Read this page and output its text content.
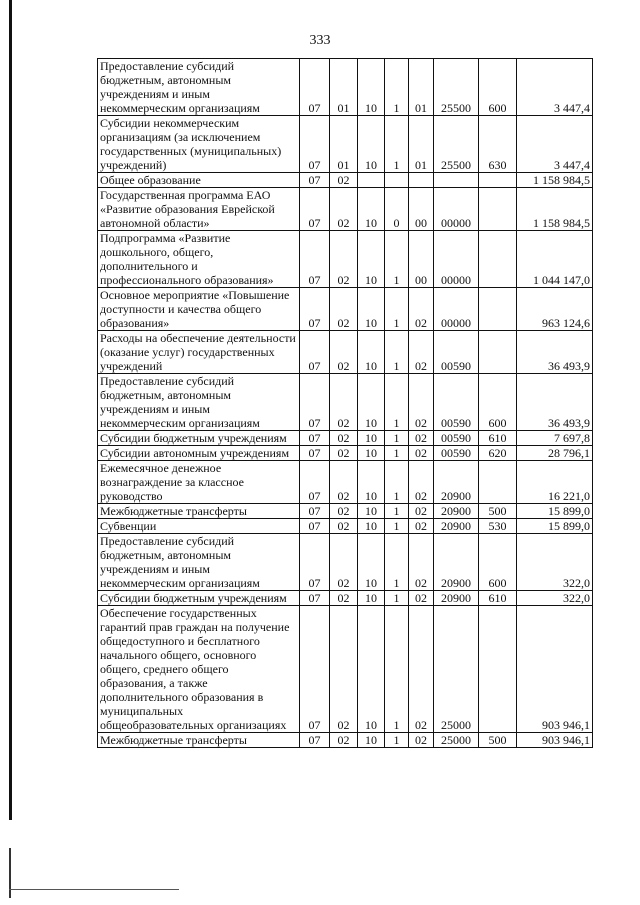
333
Предоставление субсидий бюджетным, автономным учреждениям и иным некоммерческим организациям	07	01	10	1	01	25500	600	3 447,4
Субсидии некоммерческим организациям (за исключением государственных (муниципальных) учреждений)	07	01	10	1	01	25500	630	3 447,4
Общее образование	07	02						1 158 984,5
Государственная программа ЕАО «Развитие образования Еврейской автономной области»	07	02	10	0	00	00000		1 158 984,5
Подпрограмма «Развитие дошкольного, общего, дополнительного и профессионального образования»	07	02	10	1	00	00000		1 044 147,0
Основное мероприятие «Повышение доступности и качества общего образования»	07	02	10	1	02	00000		963 124,6
Расходы на обеспечение деятельности (оказание услуг) государственных учреждений	07	02	10	1	02	00590		36 493,9
Предоставление субсидий бюджетным, автономным учреждениям и иным некоммерческим организациям	07	02	10	1	02	00590	600	36 493,9
Субсидии бюджетным учреждениям	07	02	10	1	02	00590	610	7 697,8
Субсидии автономным учреждениям	07	02	10	1	02	00590	620	28 796,1
Ежемесячное денежное вознаграждение за классное руководство	07	02	10	1	02	20900		16 221,0
Межбюджетные трансферты	07	02	10	1	02	20900	500	15 899,0
Субвенции	07	02	10	1	02	20900	530	15 899,0
Предоставление субсидий бюджетным, автономным учреждениям и иным некоммерческим организациям	07	02	10	1	02	20900	600	322,0
Субсидии бюджетным учреждениям	07	02	10	1	02	20900	610	322,0
Обеспечение государственных гарантий прав граждан на получение общедоступного и бесплатного начального общего, основного общего, среднего общего образования, а также дополнительного образования в муниципальных общеобразовательных организациях	07	02	10	1	02	25000		903 946,1
Межбюджетные трансферты	07	02	10	1	02	25000	500	903 946,1
